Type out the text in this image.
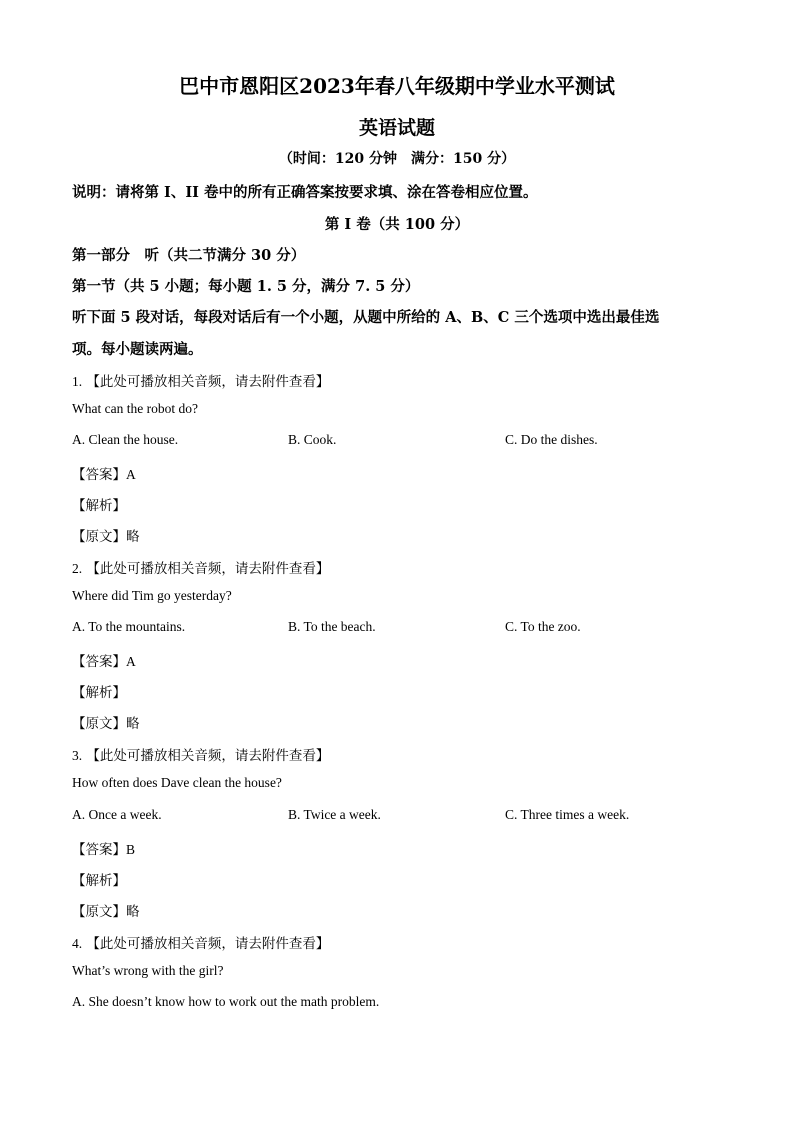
巴中市恩阳区2023年春八年级期中学业水平测试
英语试题
（时间：120 分钟　满分：150 分）
说明：请将第 I、II 卷中的所有正确答案按要求填、涂在答卷相应位置。
第 I 卷（共 100 分）
第一部分　听（共二节满分 30 分）
第一节（共 5 小题；每小题 1. 5 分，满分 7. 5 分）
听下面 5 段对话，每段对话后有一个小题，从题中所给的 A、B、C 三个选项中选出最佳选
项。每小题读两遍。
1. 【此处可播放相关音频，请去附件查看】
What can the robot do?
A. Clean the house.	B. Cook.	C. Do the dishes.
【答案】A
【解析】
【原文】略
2. 【此处可播放相关音频，请去附件查看】
Where did Tim go yesterday?
A. To the mountains.	B. To the beach.	C. To the zoo.
【答案】A
【解析】
【原文】略
3. 【此处可播放相关音频，请去附件查看】
How often does Dave clean the house?
A. Once a week.	B. Twice a week.	C. Three times a week.
【答案】B
【解析】
【原文】略
4. 【此处可播放相关音频，请去附件查看】
What’s wrong with the girl?
A. She doesn’t know how to work out the math problem.
